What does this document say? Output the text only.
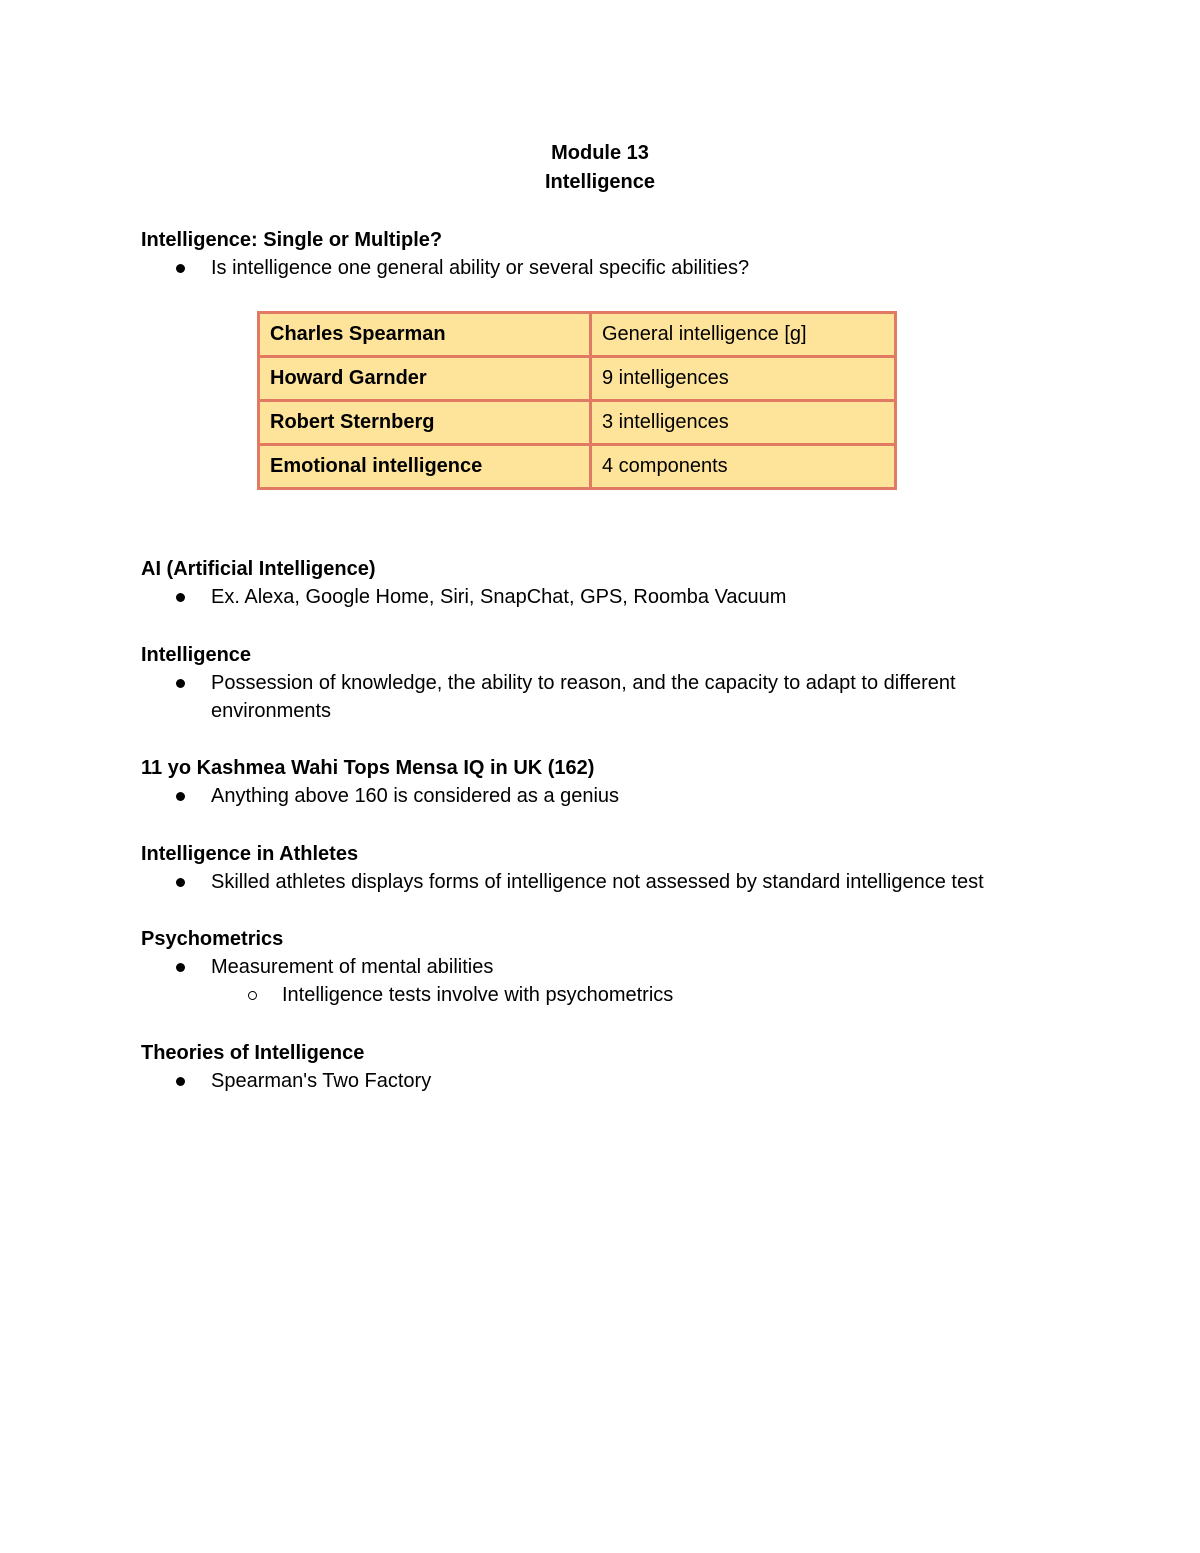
Module 13
Intelligence
Intelligence: Single or Multiple?
Is intelligence one general ability or several specific abilities?
Charles Spearman	General intelligence [g]
Howard Garnder	9 intelligences
Robert Sternberg	3 intelligences
Emotional intelligence	4 components
AI (Artificial Intelligence)
Ex. Alexa, Google Home, Siri, SnapChat, GPS, Roomba Vacuum
Intelligence
Possession of knowledge, the ability to reason, and the capacity to adapt to different environments
11 yo Kashmea Wahi Tops Mensa IQ in UK (162)
Anything above 160 is considered as a genius
Intelligence in Athletes
Skilled athletes displays forms of intelligence not assessed by standard intelligence test
Psychometrics
Measurement of mental abilities
Intelligence tests involve with psychometrics
Theories of Intelligence
Spearman's Two Factory
